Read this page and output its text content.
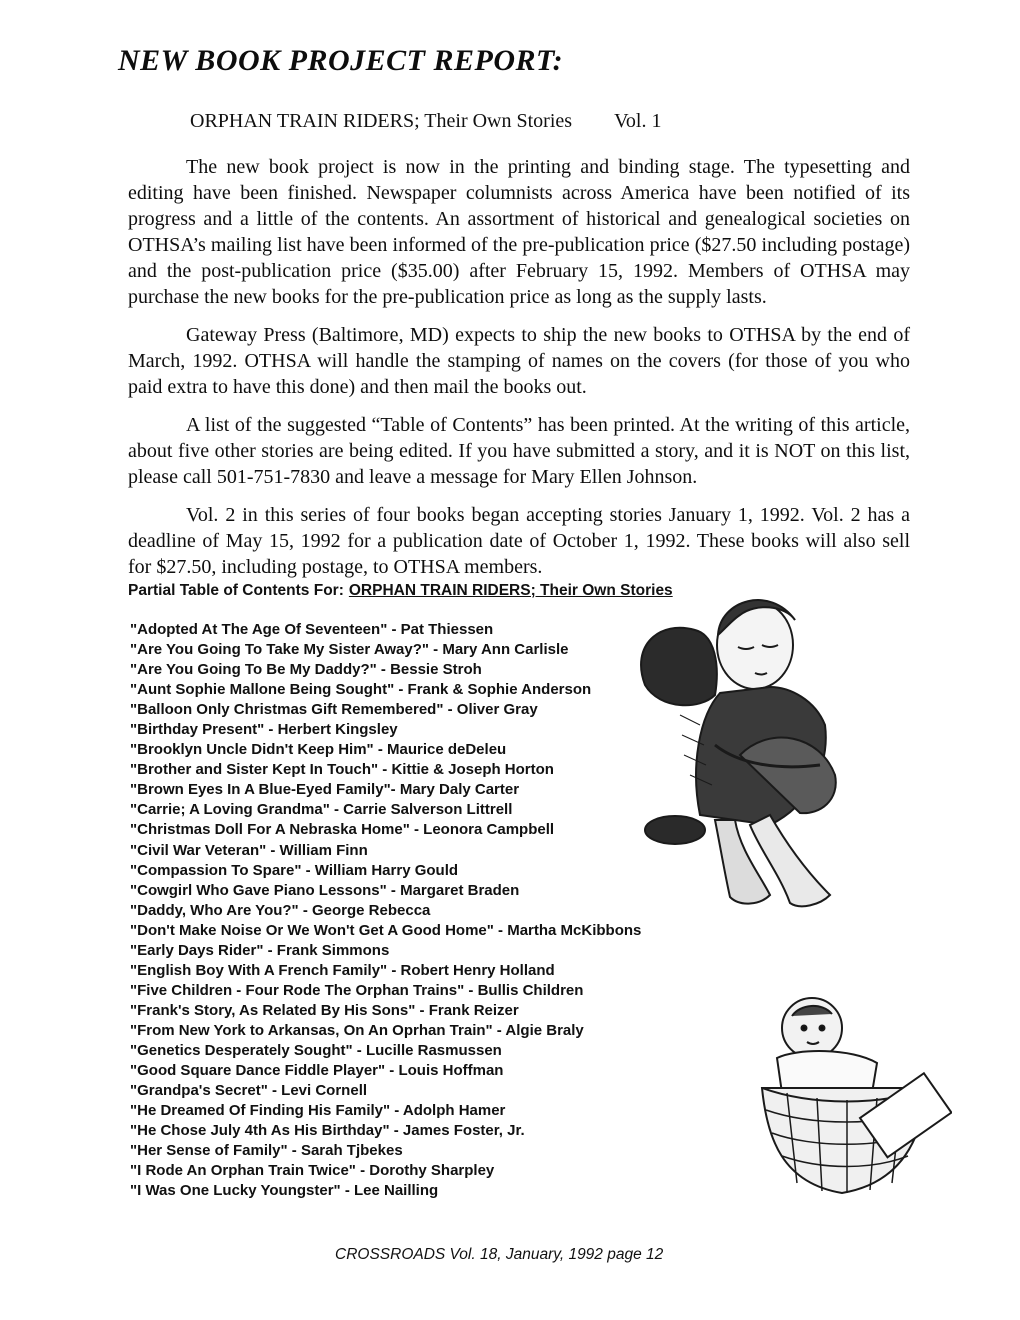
NEW BOOK PROJECT REPORT:
ORPHAN TRAIN RIDERS; Their Own Stories Vol. 1

The new book project is now in the printing and binding stage. The typesetting and editing have been finished. Newspaper columnists across America have been notified of its progress and a little of the contents. An assortment of historical and genealogical societies on OTHSA’s mailing list have been informed of the pre-publication price ($27.50 including postage) and the post-publication price ($35.00) after February 15, 1992. Members of OTHSA may purchase the new books for the pre-publication price as long as the supply lasts.

Gateway Press (Baltimore, MD) expects to ship the new books to OTHSA by the end of March, 1992. OTHSA will handle the stamping of names on the covers (for those of you who paid extra to have this done) and then mail the books out.

A list of the suggested “Table of Contents” has been printed. At the writing of this article, about five other stories are being edited. If you have submitted a story, and it is NOT on this list, please call 501-751-7830 and leave a message for Mary Ellen Johnson.

Vol. 2 in this series of four books began accepting stories January 1, 1992. Vol. 2 has a deadline of May 15, 1992 for a publication date of October 1, 1992. These books will also sell for $27.50, including postage, to OTHSA members.

Partial Table of Contents For: ORPHAN TRAIN RIDERS; Their Own Stories
"Adopted At The Age Of Seventeen" - Pat Thiessen
"Are You Going To Take My Sister Away?" - Mary Ann Carlisle
"Are You Going To Be My Daddy?" - Bessie Stroh
"Aunt Sophie Mallone Being Sought" - Frank & Sophie Anderson
"Balloon Only Christmas Gift Remembered" - Oliver Gray
"Birthday Present" - Herbert Kingsley
"Brooklyn Uncle Didn't Keep Him" - Maurice deDeleu
"Brother and Sister Kept In Touch" - Kittie & Joseph Horton
"Brown Eyes In A Blue-Eyed Family"- Mary Daly Carter
"Carrie; A Loving Grandma" - Carrie Salverson Littrell
"Christmas Doll For A Nebraska Home" - Leonora Campbell
"Civil War Veteran" - William Finn
"Compassion To Spare" - William Harry Gould
"Cowgirl Who Gave Piano Lessons" - Margaret Braden
"Daddy, Who Are You?" - George Rebecca
"Don't Make Noise Or We Won't Get A Good Home" - Martha McKibbons
"Early Days Rider" - Frank Simmons
"English Boy With A French Family" - Robert Henry Holland
"Five Children - Four Rode The Orphan Trains" - Bullis Children
"Frank's Story, As Related By His Sons" - Frank Reizer
"From New York to Arkansas, On An Oprhan Train" - Algie Braly
"Genetics Desperately Sought" - Lucille Rasmussen
"Good Square Dance Fiddle Player" - Louis Hoffman
"Grandpa's Secret" - Levi Cornell
"He Dreamed Of Finding His Family" - Adolph Hamer
"He Chose July 4th As His Birthday" - James Foster, Jr.
"Her Sense of Family" - Sarah Tjbekes
"I Rode An Orphan Train Twice" - Dorothy Sharpley
"I Was One Lucky Youngster" - Lee Nailling
CROSSROADS Vol. 18, January, 1992 page 12
